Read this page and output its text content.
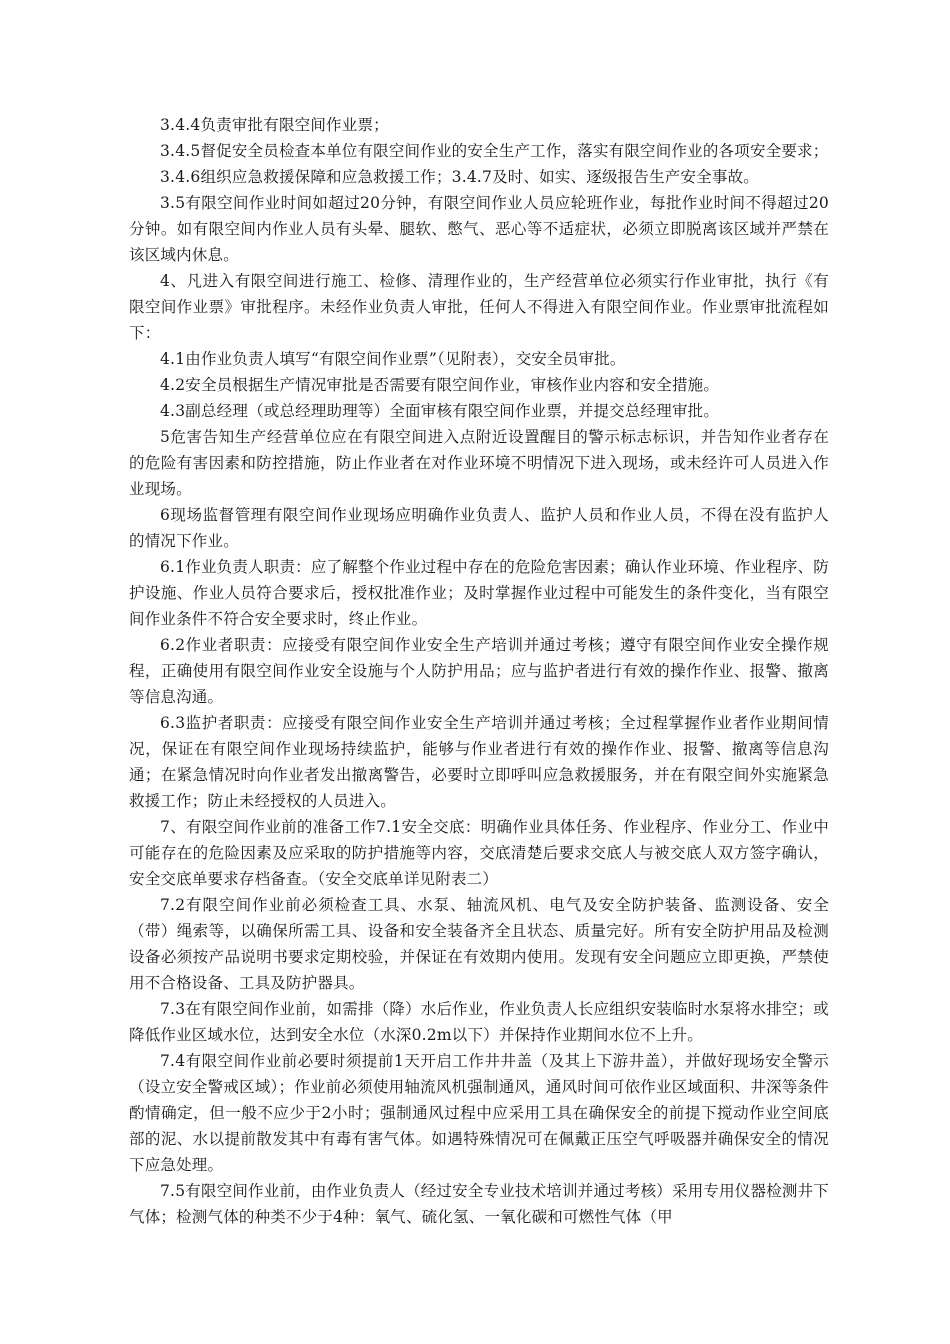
3.4.4负责审批有限空间作业票；

3.4.5督促安全员检查本单位有限空间作业的安全生产工作，落实有限空间作业的各项安全要求；

3.4.6组织应急救援保障和应急救援工作；3.4.7及时、如实、逐级报告生产安全事故。

3.5有限空间作业时间如超过20分钟，有限空间作业人员应轮班作业，每批作业时间不得超过20分钟。如有限空间内作业人员有头晕、腿软、憋气、恶心等不适症状，必须立即脱离该区域并严禁在该区域内休息。

4、凡进入有限空间进行施工、检修、清理作业的，生产经营单位必须实行作业审批，执行《有限空间作业票》审批程序。未经作业负责人审批，任何人不得进入有限空间作业。作业票审批流程如下：

4.1由作业负责人填写“有限空间作业票”（见附表），交安全员审批。

4.2安全员根据生产情况审批是否需要有限空间作业，审核作业内容和安全措施。

4.3副总经理（或总经理助理等）全面审核有限空间作业票，并提交总经理审批。

5危害告知生产经营单位应在有限空间进入点附近设置醒目的警示标志标识，并告知作业者存在的危险有害因素和防控措施，防止作业者在对作业环境不明情况下进入现场，或未经许可人员进入作业现场。

6现场监督管理有限空间作业现场应明确作业负责人、监护人员和作业人员，不得在没有监护人的情况下作业。

6.1作业负责人职责：应了解整个作业过程中存在的危险危害因素；确认作业环境、作业程序、防护设施、作业人员符合要求后，授权批准作业；及时掌握作业过程中可能发生的条件变化，当有限空间作业条件不符合安全要求时，终止作业。

6.2作业者职责：应接受有限空间作业安全生产培训并通过考核；遵守有限空间作业安全操作规程，正确使用有限空间作业安全设施与个人防护用品；应与监护者进行有效的操作作业、报警、撤离等信息沟通。

6.3监护者职责：应接受有限空间作业安全生产培训并通过考核；全过程掌握作业者作业期间情况，保证在有限空间作业现场持续监护，能够与作业者进行有效的操作作业、报警、撤离等信息沟通；在紧急情况时向作业者发出撤离警告，必要时立即呼叫应急救援服务，并在有限空间外实施紧急救援工作；防止未经授权的人员进入。

7、有限空间作业前的准备工作7.1安全交底：明确作业具体任务、作业程序、作业分工、作业中可能存在的危险因素及应采取的防护措施等内容，交底清楚后要求交底人与被交底人双方签字确认，安全交底单要求存档备查。（安全交底单详见附表二）

7.2有限空间作业前必须检查工具、水泵、轴流风机、电气及安全防护装备、监测设备、安全（带）绳索等，以确保所需工具、设备和安全装备齐全且状态、质量完好。所有安全防护用品及检测设备必须按产品说明书要求定期校验，并保证在有效期内使用。发现有安全问题应立即更换，严禁使用不合格设备、工具及防护器具。

7.3在有限空间作业前，如需排（降）水后作业，作业负责人长应组织安装临时水泵将水排空；或降低作业区域水位，达到安全水位（水深0.2m以下）并保持作业期间水位不上升。

7.4有限空间作业前必要时须提前1天开启工作井井盖（及其上下游井盖），并做好现场安全警示（设立安全警戒区域）；作业前必须使用轴流风机强制通风，通风时间可依作业区域面积、井深等条件酌情确定，但一般不应少于2小时；强制通风过程中应采用工具在确保安全的前提下搅动作业空间底部的泥、水以提前散发其中有毒有害气体。如遇特殊情况可在佩戴正压空气呼吸器并确保安全的情况下应急处理。

7.5有限空间作业前，由作业负责人（经过安全专业技术培训并通过考核）采用专用仪器检测井下气体；检测气体的种类不少于4种：氧气、硫化氢、一氧化碳和可燃性气体（甲
